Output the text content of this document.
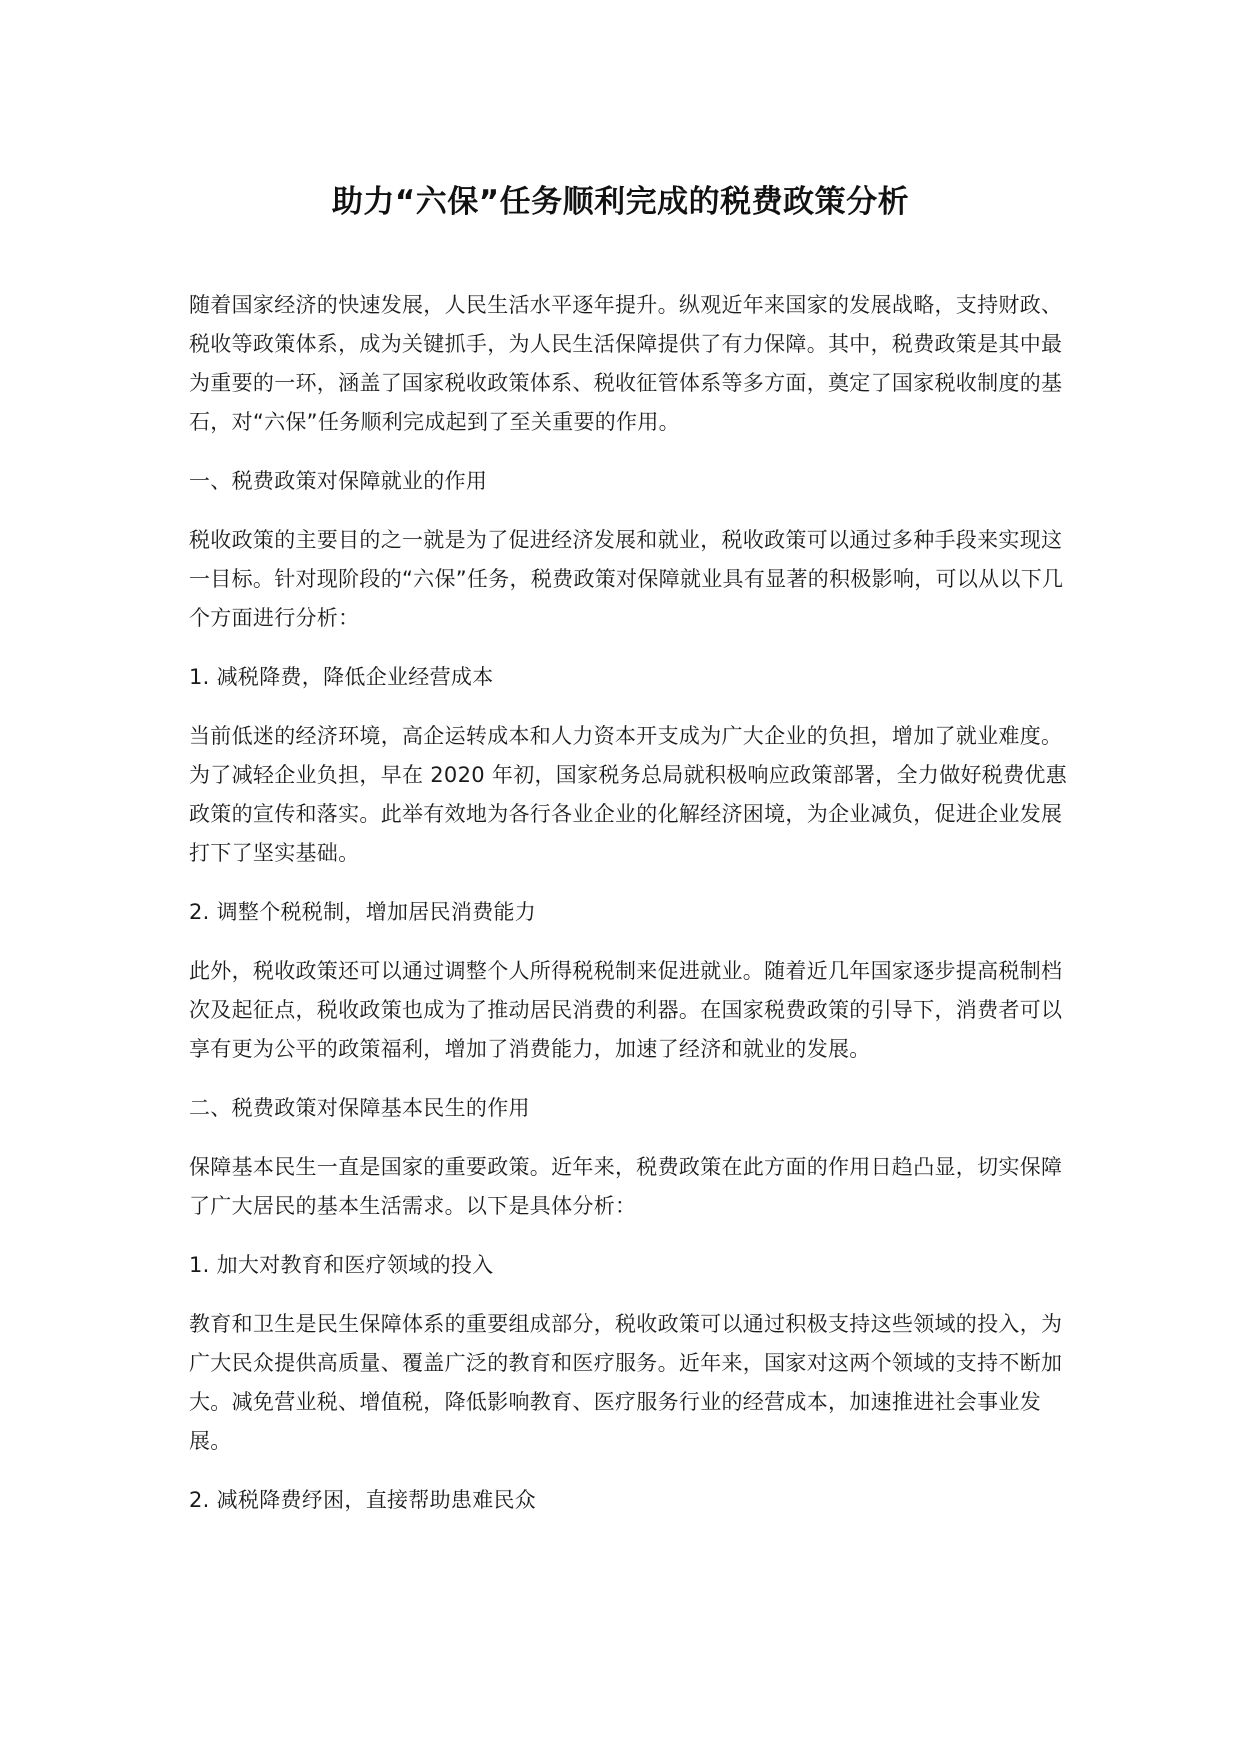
助力“六保”任务顺利完成的税费政策分析

随着国家经济的快速发展，人民生活水平逐年提升。纵观近年来国家的发展战略，支持财政、税收等政策体系，成为关键抓手，为人民生活保障提供了有力保障。其中，税费政策是其中最为重要的一环，涵盖了国家税收政策体系、税收征管体系等多方面，奠定了国家税收制度的基石，对“六保”任务顺利完成起到了至关重要的作用。

一、税费政策对保障就业的作用

税收政策的主要目的之一就是为了促进经济发展和就业，税收政策可以通过多种手段来实现这一目标。针对现阶段的“六保”任务，税费政策对保障就业具有显著的积极影响，可以从以下几个方面进行分析：

1. 减税降费，降低企业经营成本

当前低迷的经济环境，高企运转成本和人力资本开支成为广大企业的负担，增加了就业难度。为了减轻企业负担，早在 2020 年初，国家税务总局就积极响应政策部署，全力做好税费优惠政策的宣传和落实。此举有效地为各行各业企业的化解经济困境，为企业减负，促进企业发展打下了坚实基础。

2. 调整个税税制，增加居民消费能力

此外，税收政策还可以通过调整个人所得税税制来促进就业。随着近几年国家逐步提高税制档次及起征点，税收政策也成为了推动居民消费的利器。在国家税费政策的引导下，消费者可以享有更为公平的政策福利，增加了消费能力，加速了经济和就业的发展。

二、税费政策对保障基本民生的作用

保障基本民生一直是国家的重要政策。近年来，税费政策在此方面的作用日趋凸显，切实保障了广大居民的基本生活需求。以下是具体分析：

1. 加大对教育和医疗领域的投入

教育和卫生是民生保障体系的重要组成部分，税收政策可以通过积极支持这些领域的投入，为广大民众提供高质量、覆盖广泛的教育和医疗服务。近年来，国家对这两个领域的支持不断加大。减免营业税、增值税，降低影响教育、医疗服务行业的经营成本，加速推进社会事业发展。

2. 减税降费纾困，直接帮助患难民众
